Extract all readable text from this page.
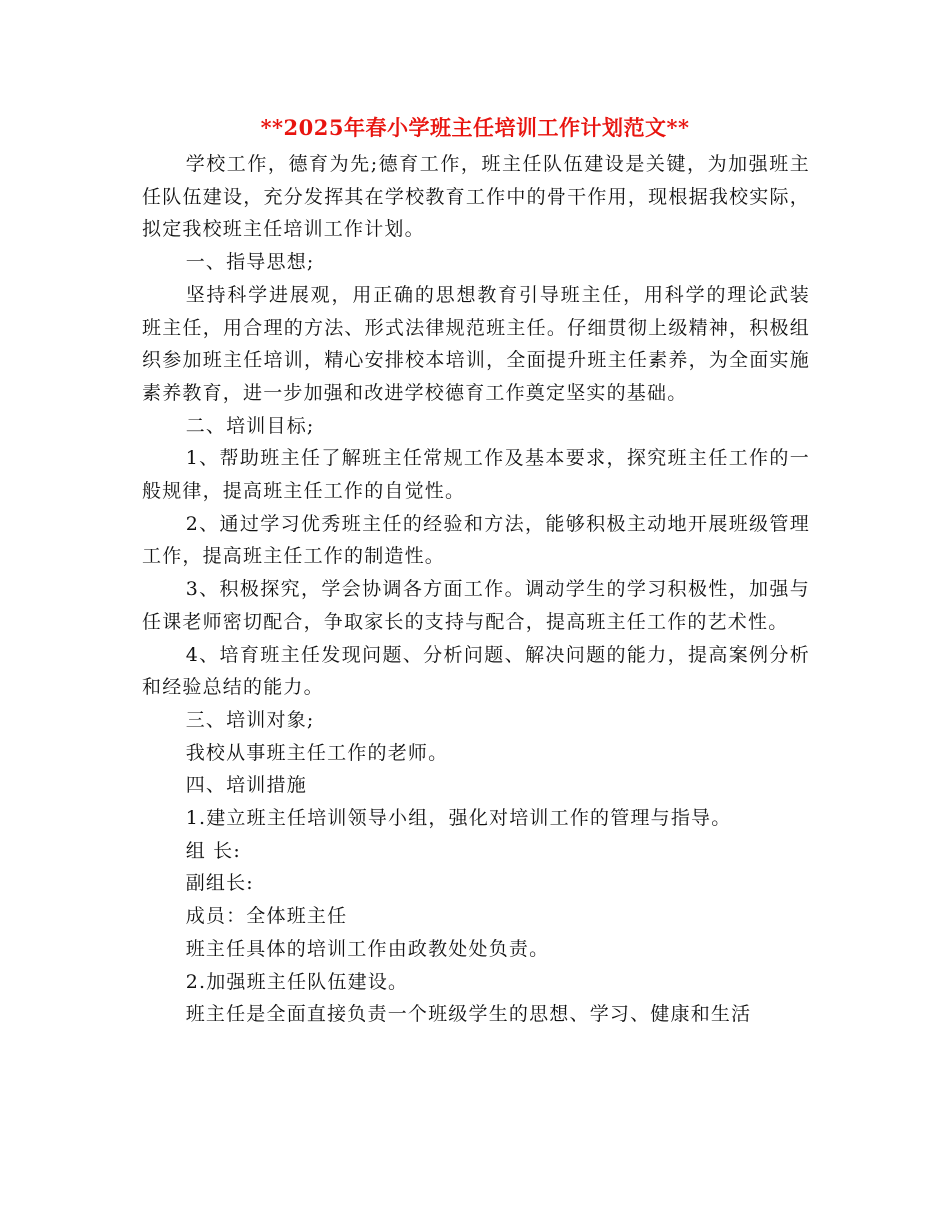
**2025年春小学班主任培训工作计划范文**

学校工作，德育为先;德育工作，班主任队伍建设是关键，为加强班主任队伍建设，充分发挥其在学校教育工作中的骨干作用，现根据我校实际，拟定我校班主任培训工作计划。

一、指导思想;

坚持科学进展观，用正确的思想教育引导班主任，用科学的理论武装班主任，用合理的方法、形式法律规范班主任。仔细贯彻上级精神，积极组织参加班主任培训，精心安排校本培训，全面提升班主任素养，为全面实施素养教育，进一步加强和改进学校德育工作奠定坚实的基础。

二、培训目标;

1、帮助班主任了解班主任常规工作及基本要求，探究班主任工作的一般规律，提高班主任工作的自觉性。

2、通过学习优秀班主任的经验和方法，能够积极主动地开展班级管理工作，提高班主任工作的制造性。

3、积极探究，学会协调各方面工作。调动学生的学习积极性，加强与任课老师密切配合，争取家长的支持与配合，提高班主任工作的艺术性。

4、培育班主任发现问题、分析问题、解决问题的能力，提高案例分析和经验总结的能力。

三、培训对象;

我校从事班主任工作的老师。

四、培训措施

1.建立班主任培训领导小组，强化对培训工作的管理与指导。

组 长:

副组长:

成员：全体班主任

班主任具体的培训工作由政教处处负责。

2.加强班主任队伍建设。

班主任是全面直接负责一个班级学生的思想、学习、健康和生活
